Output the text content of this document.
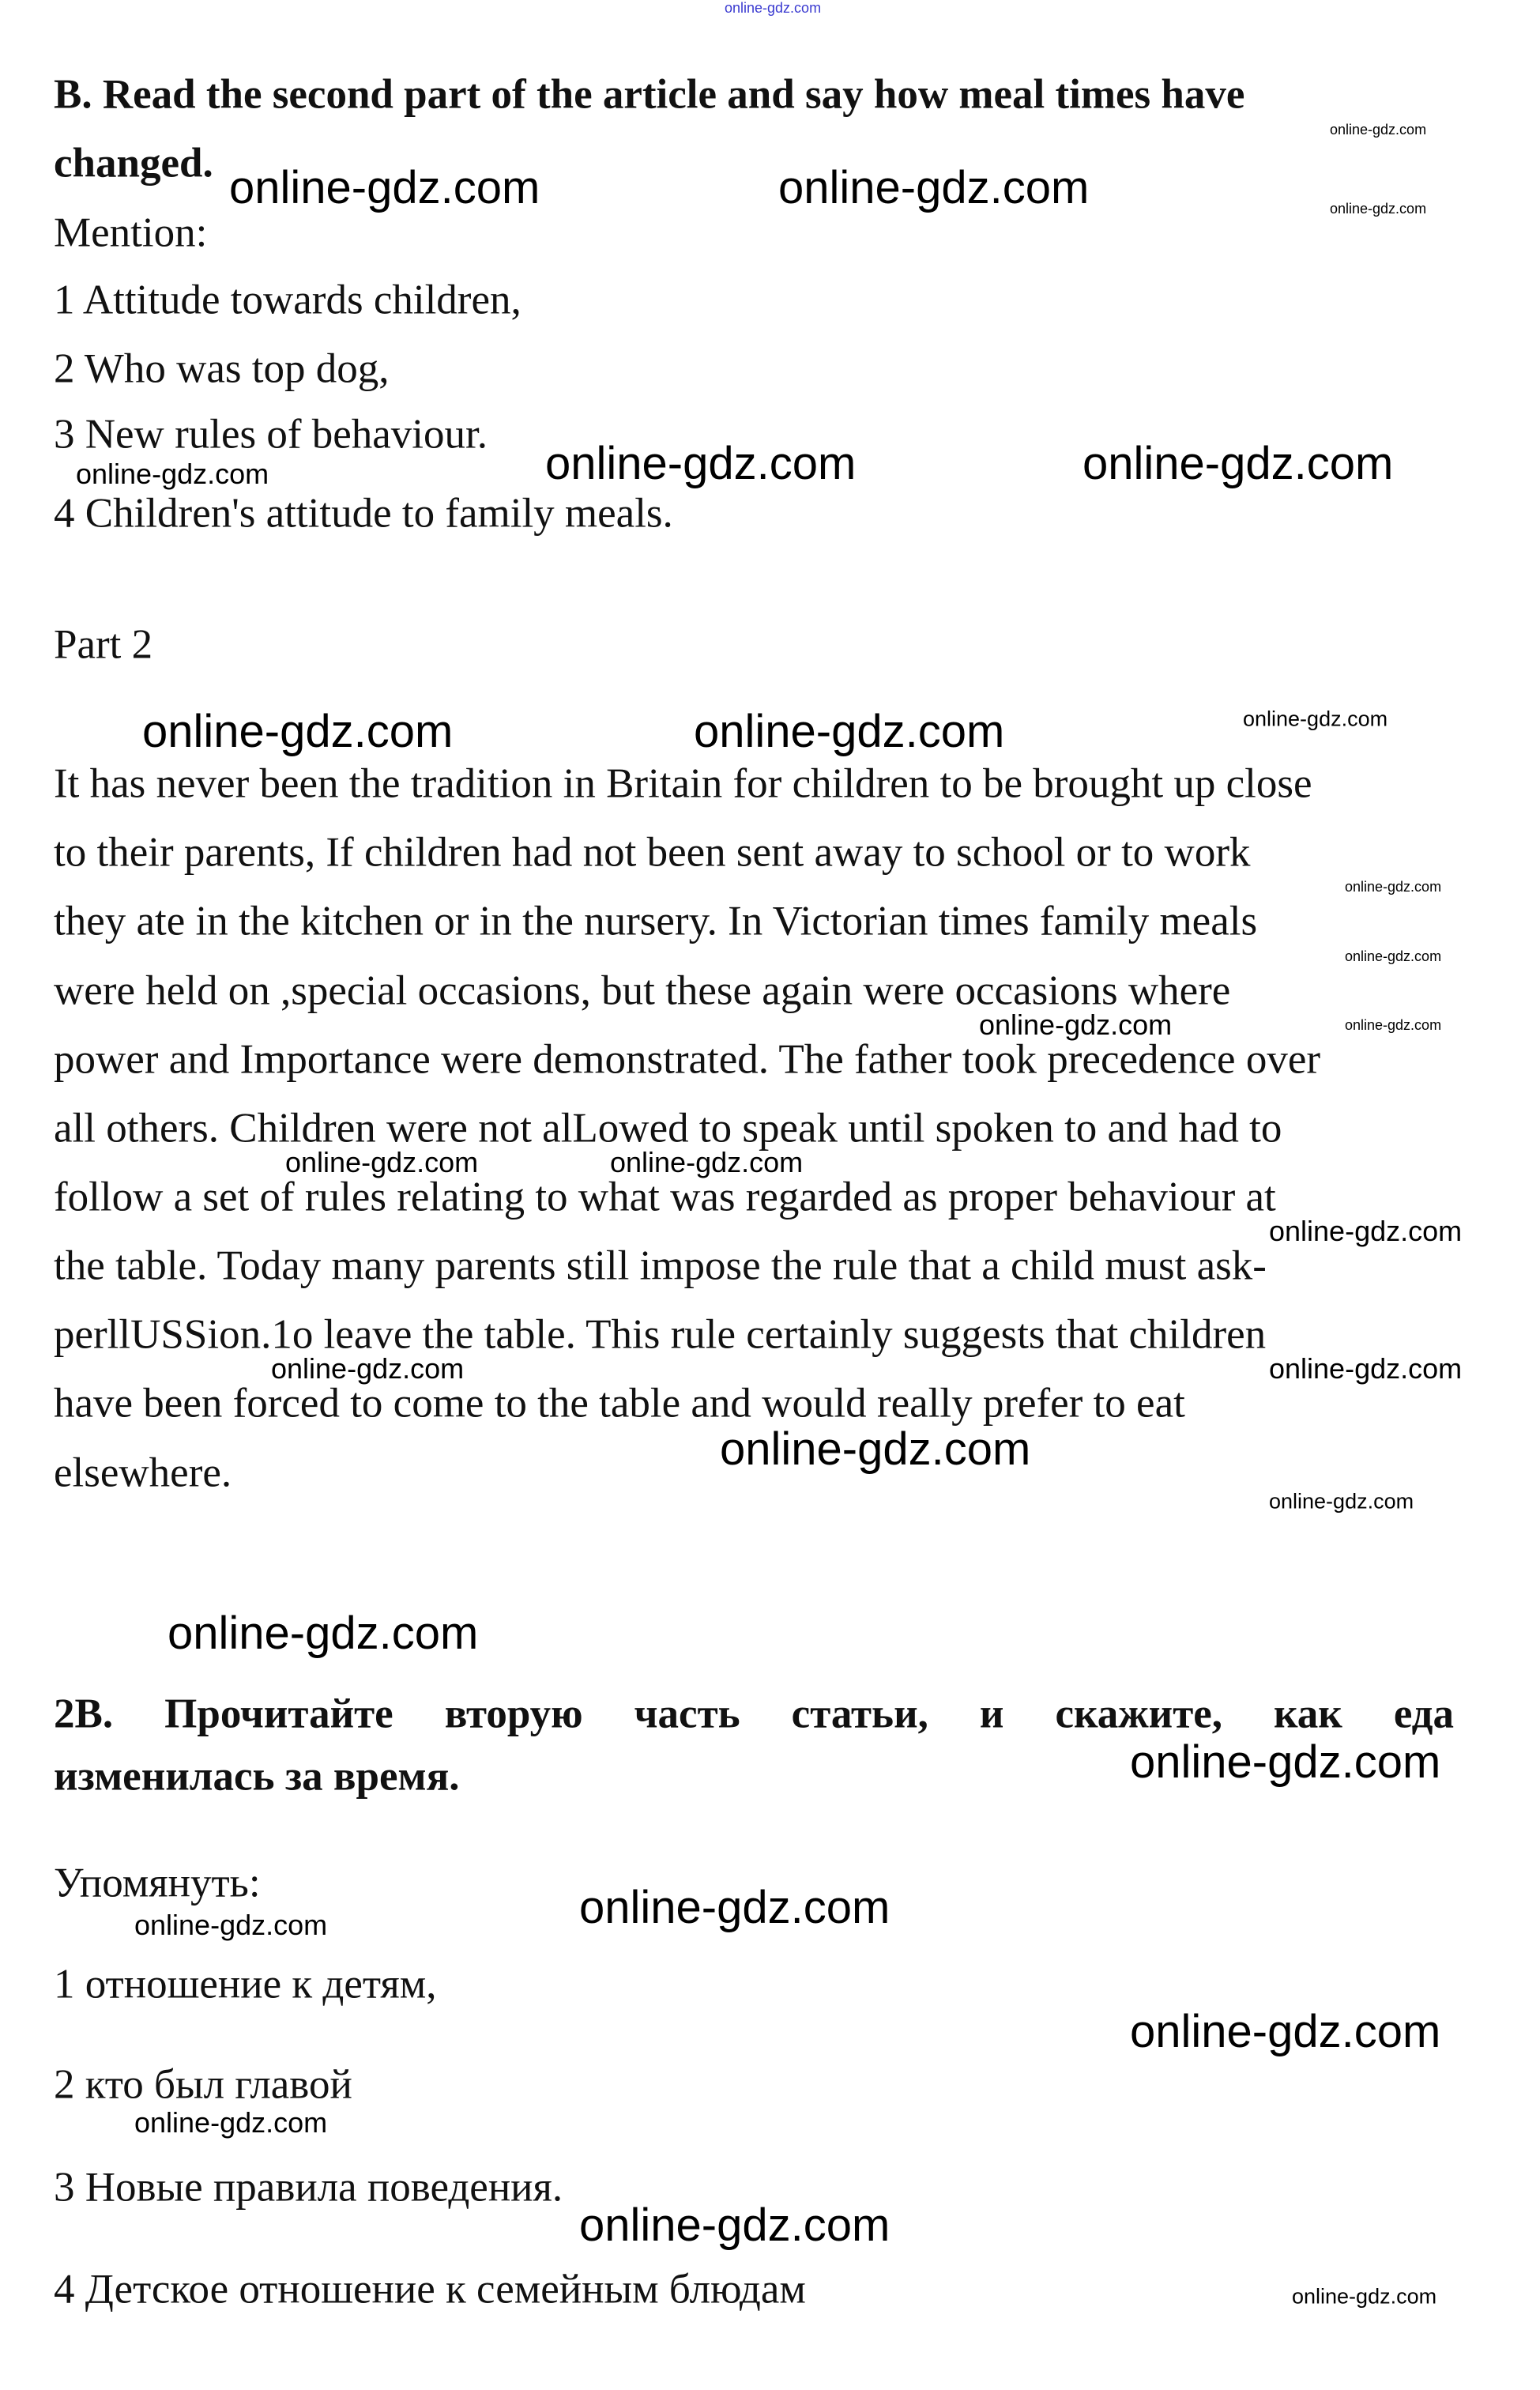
B. Read the second part of the article and say how meal times have
changed.
Mention:
1 Attitude towards children,
2 Who was top dog,
3 New rules of behaviour.
4 Children's attitude to family meals.
Part 2
It has never been the tradition in Britain for children to be brought up close
to their parents, If children had not been sent away to school or to work
they ate in the kitchen or in the nursery. In Victorian times family meals
were held on ,special occasions, but these again were occasions where
power and Importance were demonstrated. The father took precedence over
all others. Children were not alLowed to speak until spoken to and had to
follow a set of rules relating to what was regarded as proper behaviour at
the table. Today many parents still impose the rule that a child must ask-
perllUSSion.1o leave the table. This rule certainly suggests that children
have been forced to come to the table and would really prefer to eat
elsewhere.
2В. Прочитайте вторую часть статьи, и скажите, как еда
изменилась за время.
Упомянуть:
1 отношение к детям,
2 кто был главой
3 Новые правила поведения.
4 Детское отношение к семейным блюдам
online-gdz.com
online-gdz.com	online-gdz.com
online-gdz.com	online-gdz.com
online-gdz.com	online-gdz.com
online-gdz.com
online-gdz.com
online-gdz.com
online-gdz.com
online-gdz.com
online-gdz.com
online-gdz.com
online-gdz.com	online-gdz.com
online-gdz.com
online-gdz.com
online-gdz.com
online-gdz.com
online-gdz.com
online-gdz.com
online-gdz.com
online-gdz.com
online-gdz.com
online-gdz.com
online-gdz.com
online-gdz.com
online-gdz.com
online-gdz.com
